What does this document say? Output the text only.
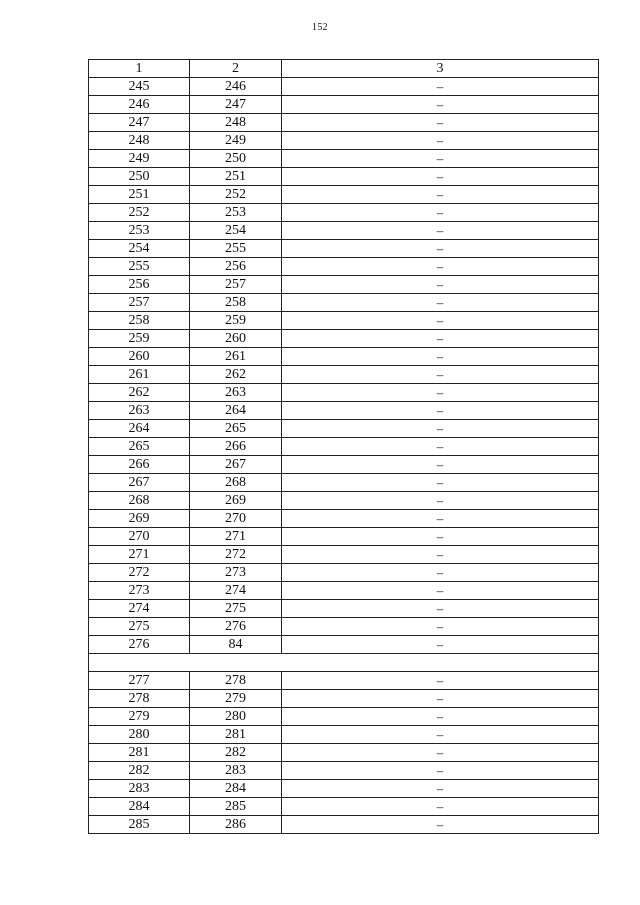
152
1	2	3
245	246	–
246	247	–
247	248	–
248	249	–
249	250	–
250	251	–
251	252	–
252	253	–
253	254	–
254	255	–
255	256	–
256	257	–
257	258	–
258	259	–
259	260	–
260	261	–
261	262	–
262	263	–
263	264	–
264	265	–
265	266	–
266	267	–
267	268	–
268	269	–
269	270	–
270	271	–
271	272	–
272	273	–
273	274	–
274	275	–
275	276	–
276	84	–

277	278	–
278	279	–
279	280	–
280	281	–
281	282	–
282	283	–
283	284	–
284	285	–
285	286	–
